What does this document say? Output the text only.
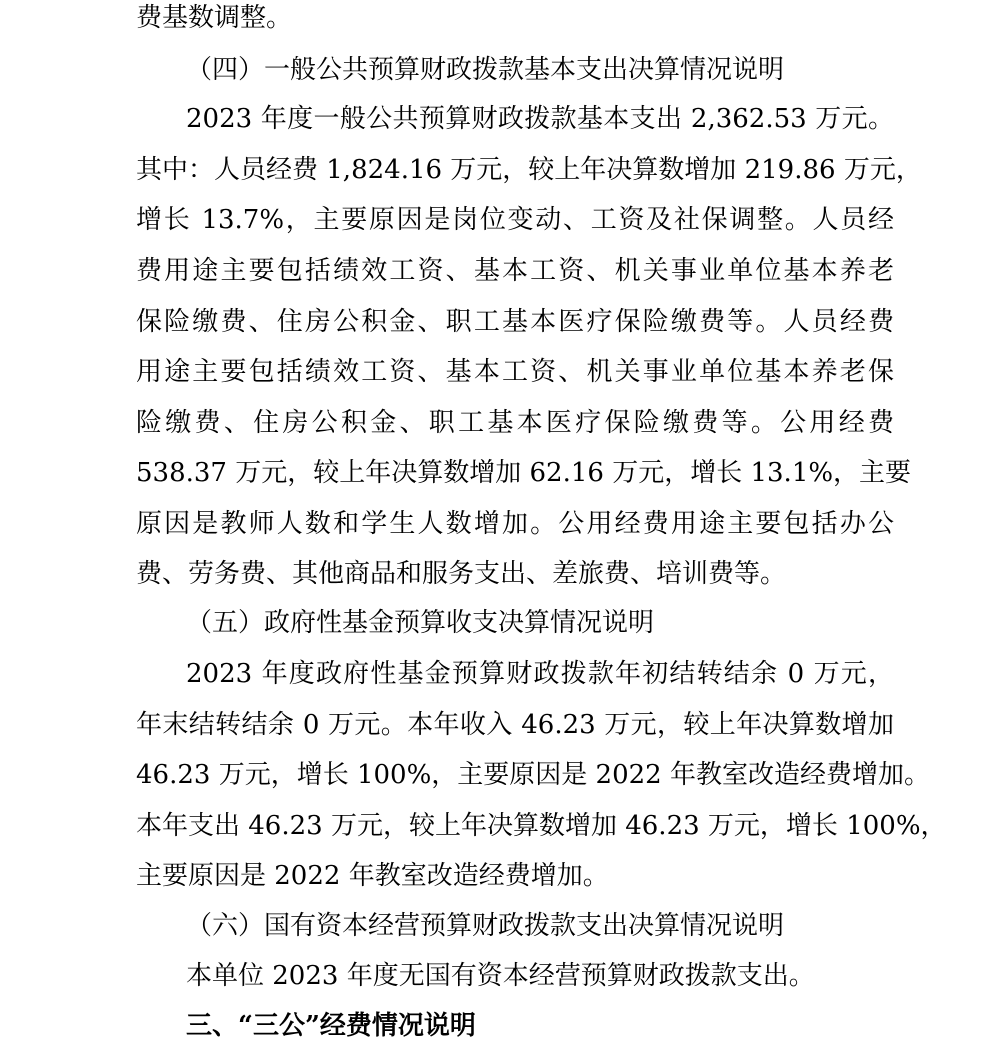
费基数调整。
（四）一般公共预算财政拨款基本支出决算情况说明
2023 年度一般公共预算财政拨款基本支出 2,362.53 万元。
其中：人员经费 1,824.16 万元，较上年决算数增加 219.86 万元，
增长 13.7%，主要原因是岗位变动、工资及社保调整。人员经
费用途主要包括绩效工资、基本工资、机关事业单位基本养老
保险缴费、住房公积金、职工基本医疗保险缴费等。人员经费
用途主要包括绩效工资、基本工资、机关事业单位基本养老保
险缴费、住房公积金、职工基本医疗保险缴费等。公用经费
538.37 万元，较上年决算数增加 62.16 万元，增长 13.1%，主要
原因是教师人数和学生人数增加。公用经费用途主要包括办公
费、劳务费、其他商品和服务支出、差旅费、培训费等。
（五）政府性基金预算收支决算情况说明
2023 年度政府性基金预算财政拨款年初结转结余 0 万元，
年末结转结余 0 万元。本年收入 46.23 万元，较上年决算数增加
46.23 万元，增长 100%，主要原因是 2022 年教室改造经费增加。
本年支出 46.23 万元，较上年决算数增加 46.23 万元，增长 100%，
主要原因是 2022 年教室改造经费增加。
（六）国有资本经营预算财政拨款支出决算情况说明
本单位 2023 年度无国有资本经营预算财政拨款支出。
三、“三公”经费情况说明
